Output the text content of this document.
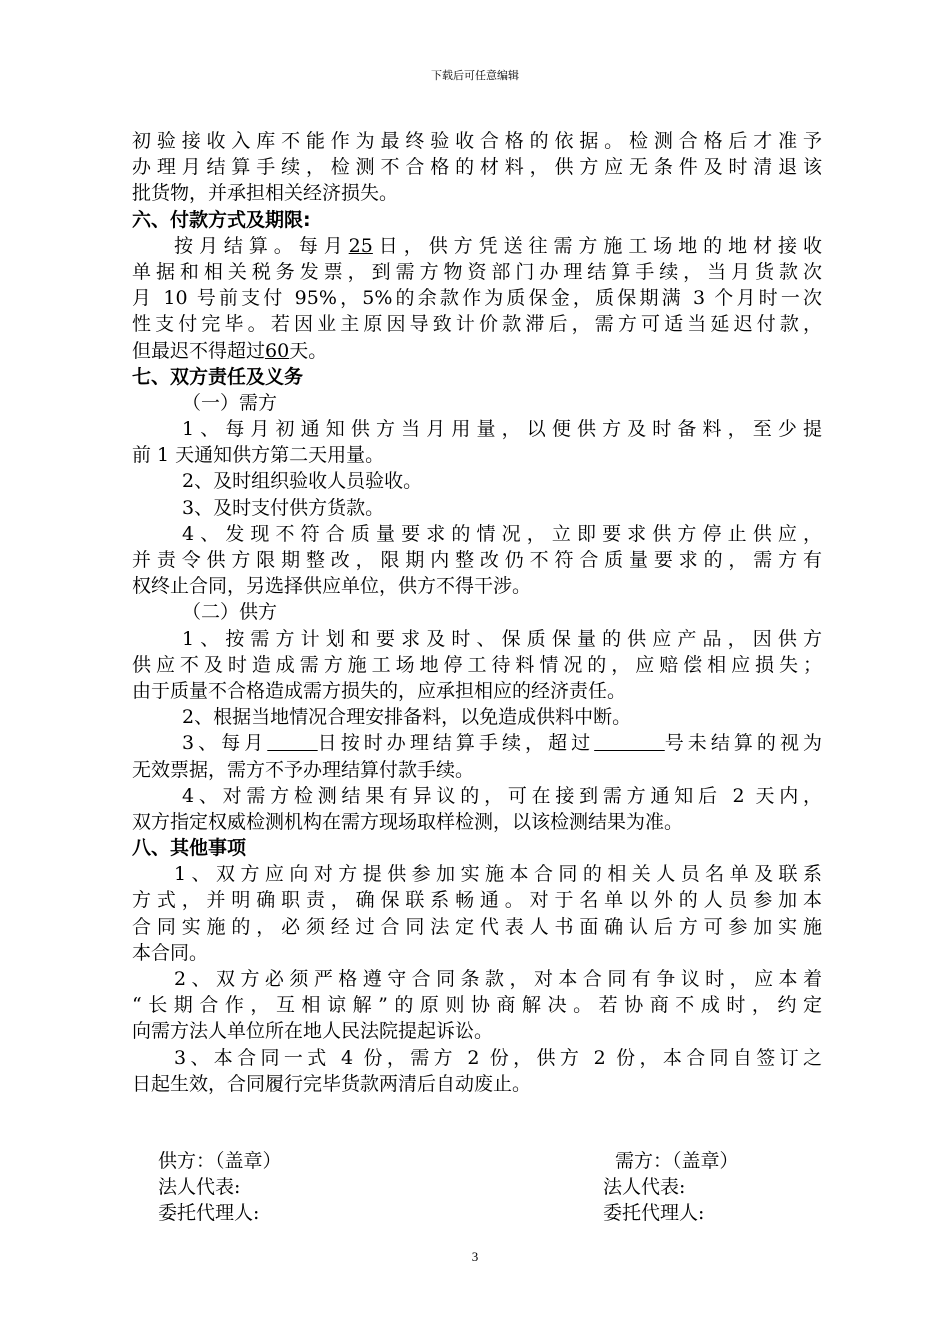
下载后可任意编辑
初验接收入库不能作为最终验收合格的依据。检测合格后才准予
办理月结算手续，检测不合格的材料，供方应无条件及时清退该
批货物，并承担相关经济损失。
六、付款方式及期限:
按月结算。每月25日，供方凭送往需方施工场地的地材接收
单据和相关税务发票，到需方物资部门办理结算手续，当月货款次
月 10 号前支付 95%，5%的余款作为质保金，质保期满 3 个月时一次
性支付完毕。若因业主原因导致计价款滞后，需方可适当延迟付款，
但最迟不得超过60天。
七、双方责任及义务
（一）需方
1、每月初通知供方当月用量，以便供方及时备料，至少提
前 1 天通知供方第二天用量。
2、及时组织验收人员验收。
3、及时支付供方货款。
4、发现不符合质量要求的情况，立即要求供方停止供应，
并责令供方限期整改，限期内整改仍不符合质量要求的，需方有
权终止合同，另选择供应单位，供方不得干涉。
（二）供方
1、按需方计划和要求及时、保质保量的供应产品，因供方
供应不及时造成需方施工场地停工待料情况的，应赔偿相应损失；
由于质量不合格造成需方损失的，应承担相应的经济责任。
2、根据当地情况合理安排备料，以免造成供料中断。
3、每月	日按时办理结算手续，超过	号未结算的视为
无效票据，需方不予办理结算付款手续。
4、对需方检测结果有异议的，可在接到需方通知后 2 天内，
双方指定权威检测机构在需方现场取样检测，以该检测结果为准。
八、其他事项
1、双方应向对方提供参加实施本合同的相关人员名单及联系
方式，并明确职责，确保联系畅通。对于名单以外的人员参加本
合同实施的，必须经过合同法定代表人书面确认后方可参加实施
本合同。
2、双方必须严格遵守合同条款，对本合同有争议时，应本着
“长期合作，互相谅解”的原则协商解决。若协商不成时，约定
向需方法人单位所在地人民法院提起诉讼。
3、本合同一式 4 份，需方 2 份，供方 2 份，本合同自签订之
日起生效，合同履行完毕货款两清后自动废止。
供方：（盖章）
法人代表:
委托代理人:
需方：（盖章）
法人代表:
委托代理人:
3
